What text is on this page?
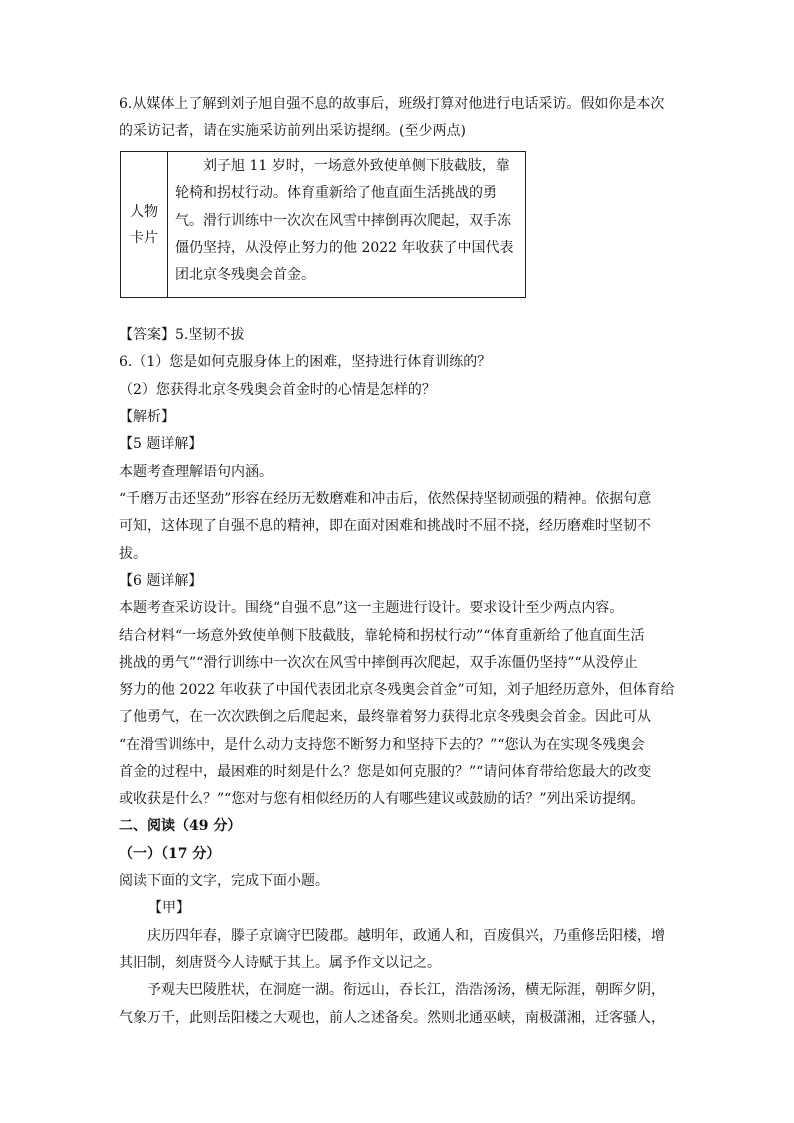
6.从媒体上了解到刘子旭自强不息的故事后，班级打算对他进行电话采访。假如你是本次
的采访记者，请在实施采访前列出采访提纲。(至少两点)
人物
卡片

刘子旭 11 岁时，一场意外致使单侧下肢截肢，靠
轮椅和拐杖行动。体育重新给了他直面生活挑战的勇
气。滑行训练中一次次在风雪中摔倒再次爬起，双手冻
僵仍坚持，从没停止努力的他 2022 年收获了中国代表
团北京冬残奥会首金。
【答案】5.坚韧不拔
6.（1）您是如何克服身体上的困难，坚持进行体育训练的？
（2）您获得北京冬残奥会首金时的心情是怎样的？
【解析】
【5 题详解】
本题考查理解语句内涵。
“千磨万击还坚劲”形容在经历无数磨难和冲击后，依然保持坚韧顽强的精神。依据句意
可知，这体现了自强不息的精神，即在面对困难和挑战时不屈不挠，经历磨难时坚韧不
拔。
【6 题详解】
本题考查采访设计。围绕“自强不息”这一主题进行设计。要求设计至少两点内容。
结合材料“一场意外致使单侧下肢截肢，靠轮椅和拐杖行动”“体育重新给了他直面生活
挑战的勇气”“滑行训练中一次次在风雪中摔倒再次爬起，双手冻僵仍坚持”“从没停止
努力的他 2022 年收获了中国代表团北京冬残奥会首金”可知，刘子旭经历意外，但体育给
了他勇气，在一次次跌倒之后爬起来，最终靠着努力获得北京冬残奥会首金。因此可从
“在滑雪训练中，是什么动力支持您不断努力和坚持下去的？”“您认为在实现冬残奥会
首金的过程中，最困难的时刻是什么？您是如何克服的？”“请问体育带给您最大的改变
或收获是什么？”“您对与您有相似经历的人有哪些建议或鼓励的话？”列出采访提纲。
二、阅读（49 分）
（一）（17 分）
阅读下面的文字，完成下面小题。
【甲】
庆历四年春，滕子京谪守巴陵郡。越明年，政通人和，百废俱兴，乃重修岳阳楼，增
其旧制，刻唐贤今人诗赋于其上。属予作文以记之。
予观夫巴陵胜状，在洞庭一湖。衔远山，吞长江，浩浩汤汤，横无际涯，朝晖夕阴，
气象万千，此则岳阳楼之大观也，前人之述备矣。然则北通巫峡，南极潇湘，迁客骚人，
